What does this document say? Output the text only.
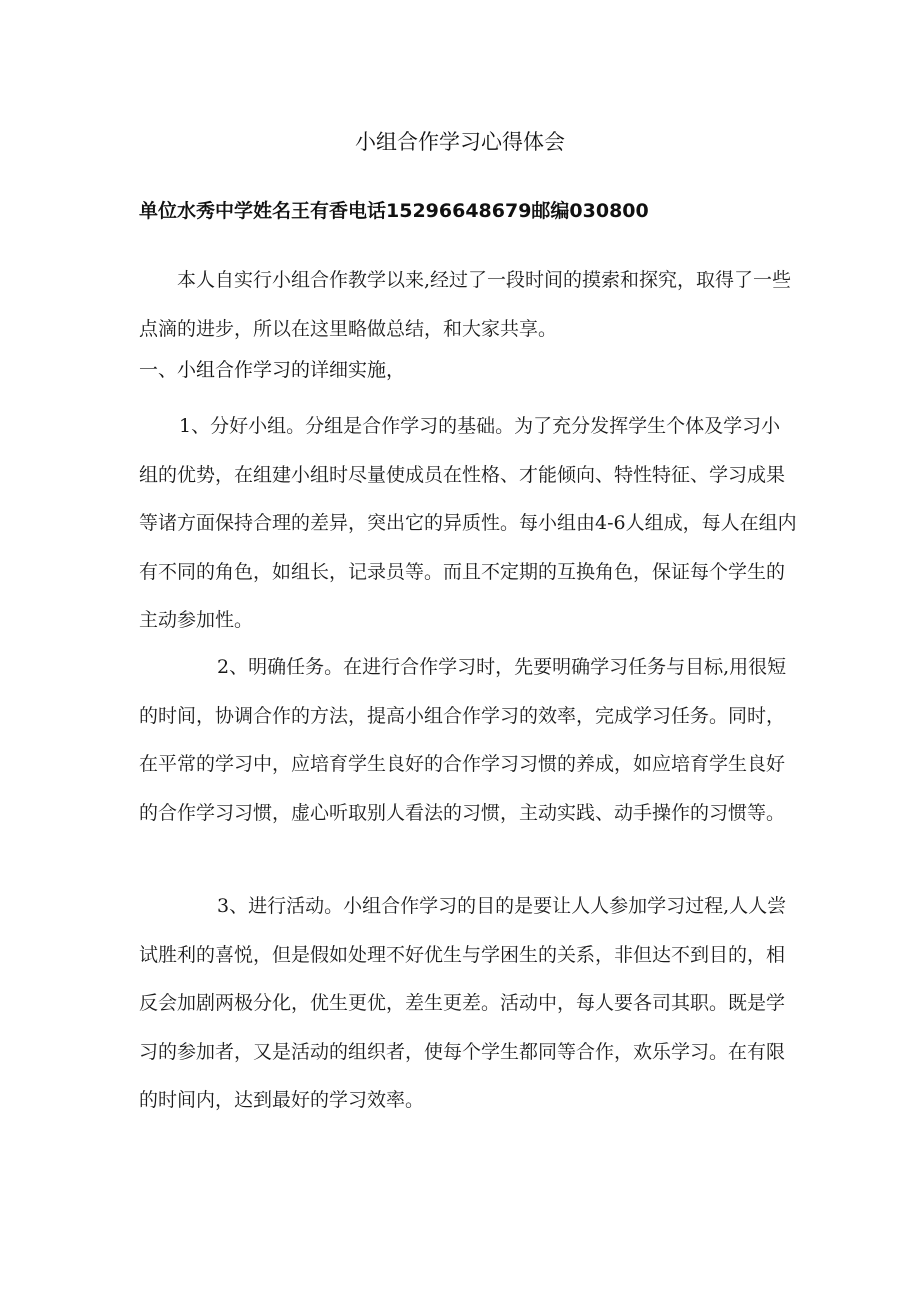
小组合作学习心得体会
单位水秀中学姓名王有香电话15296648679邮编030800

本人自实行小组合作教学以来,经过了一段时间的摸索和探究，取得了一些点滴的进步，所以在这里略做总结，和大家共享。

一、小组合作学习的详细实施，

1、分好小组。分组是合作学习的基础。为了充分发挥学生个体及学习小组的优势，在组建小组时尽量使成员在性格、才能倾向、特性特征、学习成果等诸方面保持合理的差异，突出它的异质性。每小组由4-6人组成，每人在组内有不同的角色，如组长，记录员等。而且不定期的互换角色，保证每个学生的主动参加性。

2、明确任务。在进行合作学习时，先要明确学习任务与目标,用很短的时间，协调合作的方法，提高小组合作学习的效率，完成学习任务。同时，在平常的学习中，应培育学生良好的合作学习习惯的养成，如应培育学生良好的合作学习习惯，虚心听取别人看法的习惯，主动实践、动手操作的习惯等。

3、进行活动。小组合作学习的目的是要让人人参加学习过程,人人尝试胜利的喜悦，但是假如处理不好优生与学困生的关系，非但达不到目的，相反会加剧两极分化，优生更优，差生更差。活动中，每人要各司其职。既是学习的参加者，又是活动的组织者，使每个学生都同等合作，欢乐学习。在有限的时间内，达到最好的学习效率。
